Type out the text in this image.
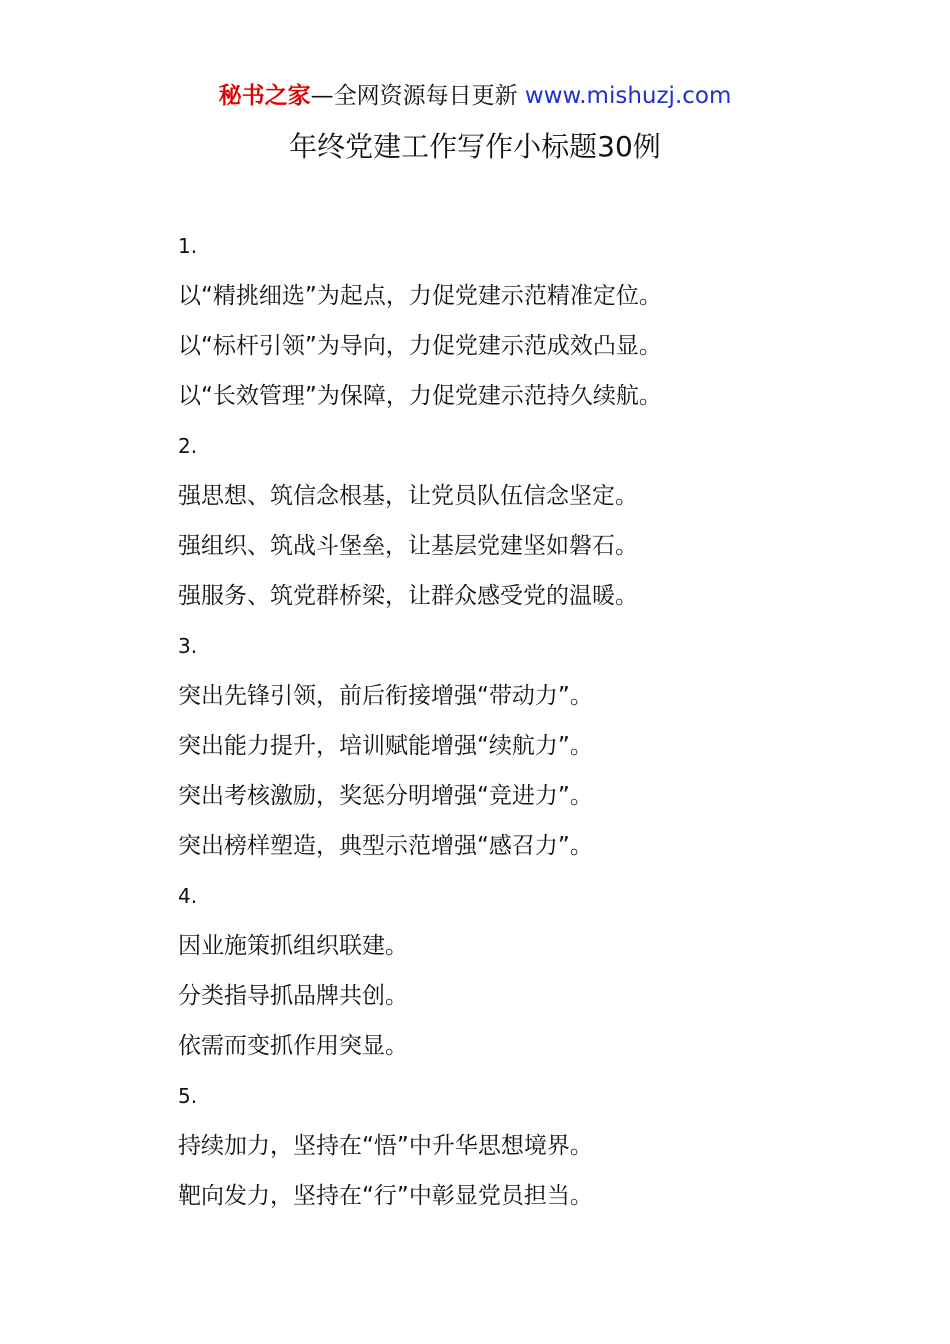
秘书之家—全网资源每日更新 www.mishuzj.com
年终党建工作写作小标题30例
1.
以“精挑细选”为起点，力促党建示范精准定位。
以“标杆引领”为导向，力促党建示范成效凸显。
以“长效管理”为保障，力促党建示范持久续航。
2.
强思想、筑信念根基，让党员队伍信念坚定。
强组织、筑战斗堡垒，让基层党建坚如磐石。
强服务、筑党群桥梁，让群众感受党的温暖。
3.
突出先锋引领，前后衔接增强“带动力”。
突出能力提升，培训赋能增强“续航力”。
突出考核激励，奖惩分明增强“竞进力”。
突出榜样塑造，典型示范增强“感召力”。
4.
因业施策抓组织联建。
分类指导抓品牌共创。
依需而变抓作用突显。
5.
持续加力，坚持在“悟”中升华思想境界。
靶向发力，坚持在“行”中彰显党员担当。
